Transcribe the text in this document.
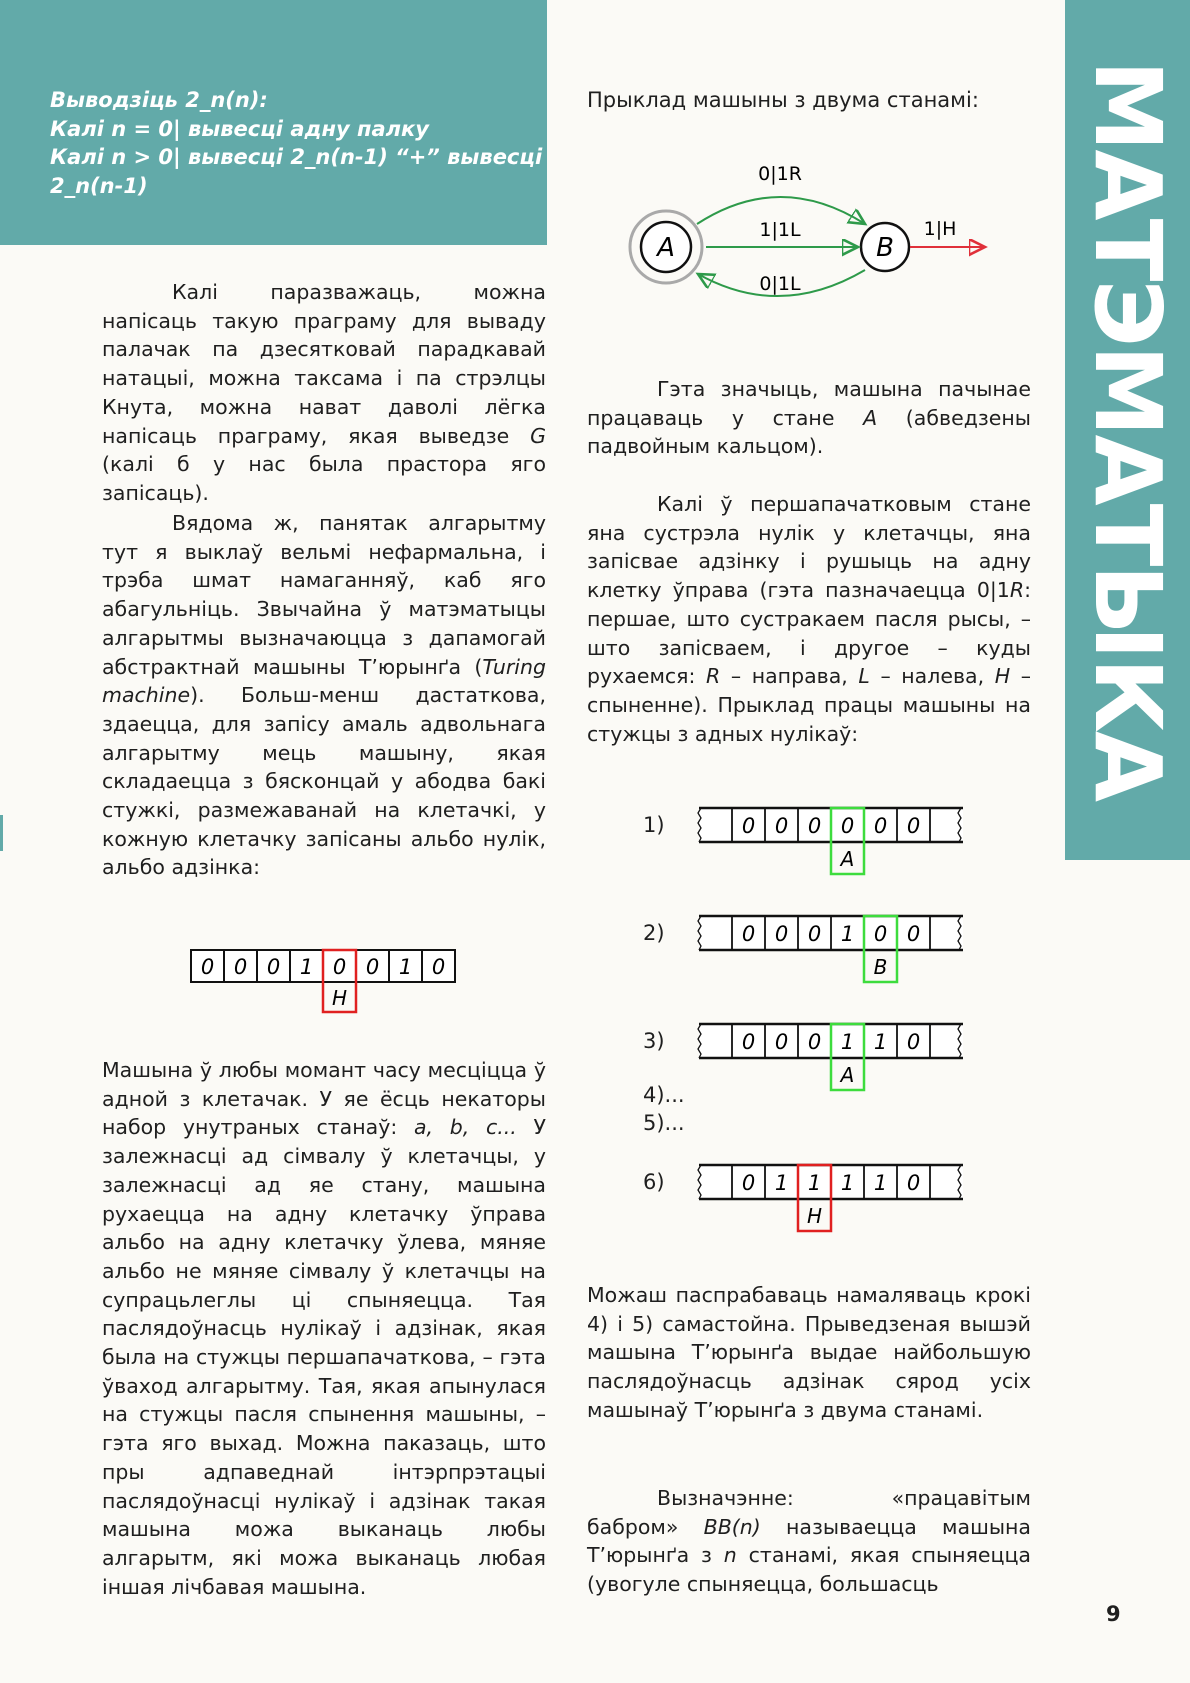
Выводзіць 2_n(n):
Калі n = 0| вывесці адну палку
Калі n > 0| вывесці 2_n(n-1) “+” вывесці
2_n(n-1)	МАТЭМАТЫКА

Калі паразважаць, можна напісаць такую праграму для вываду палачак па дзесятковай парадкавай натацыі, можна таксама і па стрэлцы Кнута, можна нават даволі лёгка напісаць праграму, якая выведзе G (калі б у нас была прастора яго запісаць).

Вядома ж, панятак алгарытму тут я выклаў вельмі нефармальна, і трэба шмат намаганняў, каб яго абагульніць. Звычайна ў матэматыцы алгарытмы вызначаюцца з дапамогай абстрактнай машыны Т’юрынґа (Turing machine). Больш-менш дастаткова, здаецца, для запісу амаль адвольнага алгарытму мець машыну, якая складаецца з бясконцай у абодва бакі стужкі, размежаванай на клетачкі, у кожную клетачку запісаны альбо нулік, альбо адзінка:

0 0 0 1 0 0 1 0
H

Машына ў любы момант часу месціцца ў адной з клетачак. У яе ёсць некаторы набор унутраных станаў: a, b, c... У залежнасці ад сімвалу ў клетачцы, у залежнасці ад яе стану, машына рухаецца на адну клетачку ўправа альбо на адну клетачку ўлева, мяняе альбо не мяняе сімвалу ў клетачцы на супрацьлеглы ці спыняецца. Тая паслядоўнасць нулікаў і адзінак, якая была на стужцы першапачаткова, – гэта ўваход алгарытму. Тая, якая апынулася на стужцы пасля спынення машыны, – гэта яго выхад. Можна паказаць, што пры адпаведнай інтэрпрэтацыі паслядоўнасці нулікаў і адзінак такая машына можа выканаць любы алгарытм, які можа выканаць любая іншая лічбавая машына.

Прыклад машыны з двума станамі:
A	B
0|1R
1|1L
0|1L
1|H

Гэта значыць, машына пачынае працаваць у стане A (абведзены падвойным кальцом).

Калі ў першапачатковым стане яна сустрэла нулік у клетачцы, яна запісвае адзінку і рушыць на адну клетку ўправа (гэта пазначаецца 0|1R: першае, што сустракаем пасля рысы, – што запісваем, і другое – куды рухаемся: R – направа, L – налева, H – спыненне). Прыклад працы машыны на стужцы з адных нулікаў:

1)	0 0 0 0 0 0
A
2)	0 0 0 1 0 0
B
3)	0 0 0 1 1 0
A
4)...
5)...
6)	0 1 1 1 1 0
H

Можаш паспрабаваць намаляваць крокі 4) і 5) самастойна. Прыведзеная вышэй машына Т’юрынґа выдае найбольшую паслядоўнасць адзінак сярод усіх машынаў Т’юрынґа з двума станамі.

Вызначэнне: «працавітым бабром» BB(n) называецца машына Т’юрынґа з n станамі, якая спыняецца (увогуле спыняецца, большасць

9
